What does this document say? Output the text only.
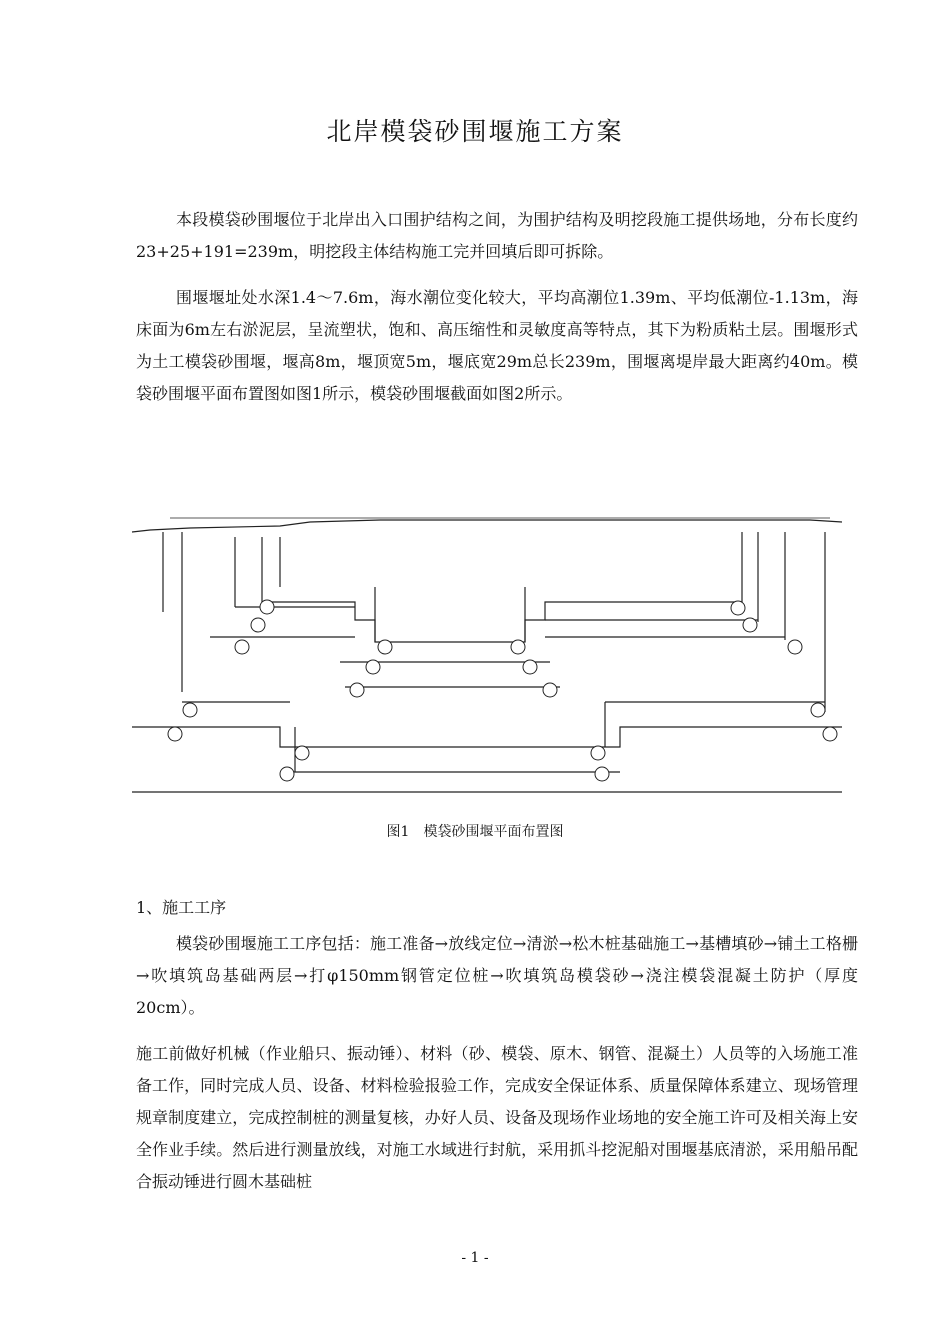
北岸模袋砂围堰施工方案

本段模袋砂围堰位于北岸出入口围护结构之间，为围护结构及明挖段施工提供场地，分布长度约23+25+191=239m，明挖段主体结构施工完并回填后即可拆除。

围堰堰址处水深1.4～7.6m，海水潮位变化较大，平均高潮位1.39m、平均低潮位-1.13m，海床面为6m左右淤泥层，呈流塑状，饱和、高压缩性和灵敏度高等特点，其下为粉质粘土层。围堰形式为土工模袋砂围堰，堰高8m，堰顶宽5m，堰底宽29m总长239m，围堰离堤岸最大距离约40m。模袋砂围堰平面布置图如图1所示，模袋砂围堰截面如图2所示。

图1　模袋砂围堰平面布置图
1、施工工序

模袋砂围堰施工工序包括：施工准备→放线定位→清淤→松木桩基础施工→基槽填砂→铺土工格栅→吹填筑岛基础两层→打φ150mm钢管定位桩→吹填筑岛模袋砂→浇注模袋混凝土防护（厚度20cm）。

施工前做好机械（作业船只、振动锤）、材料（砂、模袋、原木、钢管、混凝土）人员等的入场施工准备工作，同时完成人员、设备、材料检验报验工作，完成安全保证体系、质量保障体系建立、现场管理规章制度建立，完成控制桩的测量复核，办好人员、设备及现场作业场地的安全施工许可及相关海上安全作业手续。然后进行测量放线，对施工水域进行封航，采用抓斗挖泥船对围堰基底清淤，采用船吊配合振动锤进行圆木基础桩

- 1 -
